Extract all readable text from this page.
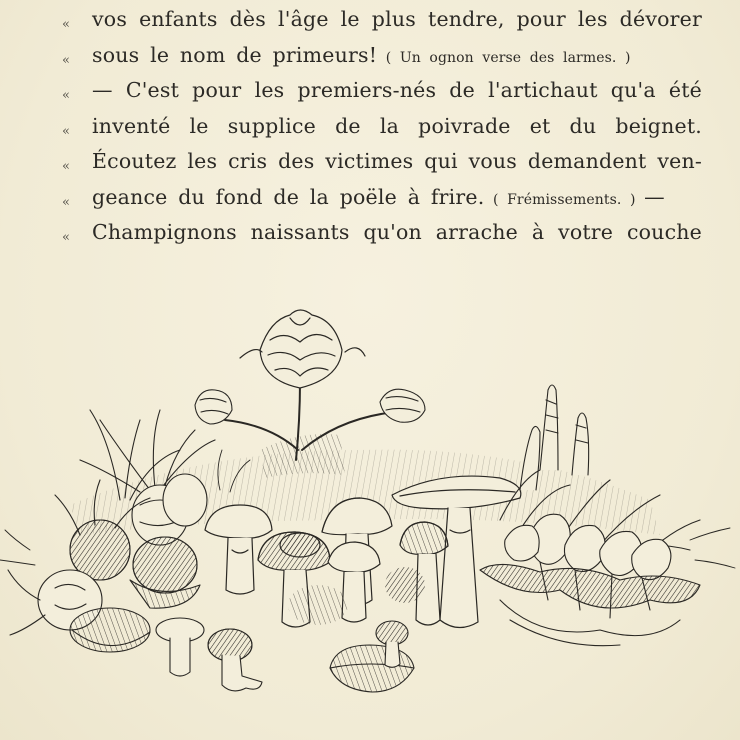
«	vos enfants dès l'âge le plus tendre, pour les dévorer
«	sous le nom de primeurs! ( Un ognon verse des larmes. )
«	— C'est pour les premiers-nés de l'artichaut qu'a été
«	inventé le supplice de la poivrade et du beignet.
«	Écoutez les cris des victimes qui vous demandent ven-
«	geance du fond de la poële à frire. ( Frémissements. ) —
«	Champignons naissants qu'on arrache à votre couche
